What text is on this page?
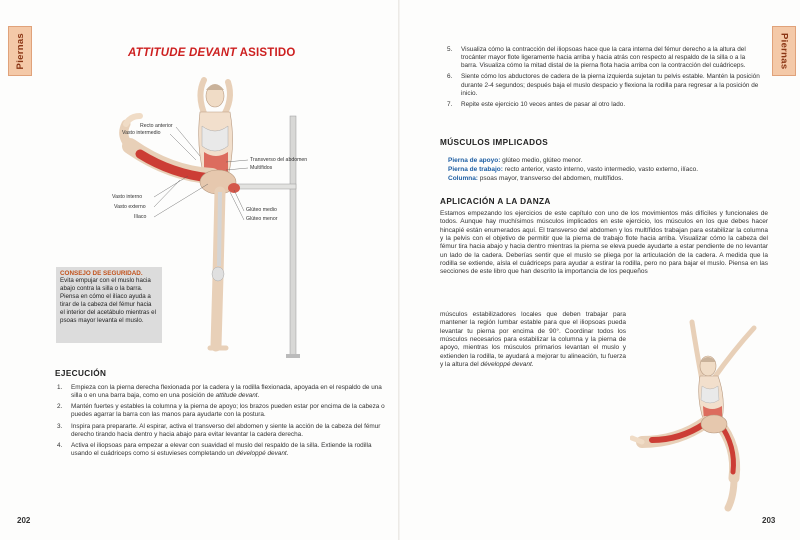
Piernas	ATTITUDE DEVANT ASISTIDO
Recto anterior
Vasto intermedio
Transverso del abdomen
Multífidos
Vasto interno
Vasto externo
Ilíaco
Glúteo medio
Glúteo menor
CONSEJO DE SEGURIDAD.
Evita empujar con el muslo hacia abajo contra la silla o la barra. Piensa en cómo el ilíaco ayuda a tirar de la cabeza del fémur hacia el interior del acetábulo mientras el psoas mayor levanta el muslo.
EJECUCIÓN
1. Empieza con la pierna derecha flexionada por la cadera y la rodilla flexionada, apoyada en el respaldo de una silla o en una barra baja, como en una posición de attitude devant.
2. Mantén fuertes y estables la columna y la pierna de apoyo; los brazos pueden estar por encima de la cabeza o puedes agarrar la barra con las manos para ayudarte con la postura.
3. Inspira para prepararte. Al espirar, activa el transverso del abdomen y siente la acción de la cabeza del fémur derecho tirando hacia dentro y hacia abajo para evitar levantar la cadera derecha.
4. Activa el iliopsoas para empezar a elevar con suavidad el muslo del respaldo de la silla. Extiende la rodilla usando el cuádriceps como si estuvieses completando un développé devant.
202
Piernas
203
5. Visualiza cómo la contracción del iliopsoas hace que la cara interna del fémur derecho a la altura del trocánter mayor flote ligeramente hacia arriba y hacia atrás con respecto al respaldo de la silla o a la barra. Visualiza cómo la mitad distal de la pierna flota hacia arriba con la contracción del cuádriceps.
6. Siente cómo los abductores de cadera de la pierna izquierda sujetan tu pelvis estable. Mantén la posición durante 2-4 segundos; después baja el muslo despacio y flexiona la rodilla para regresar a la posición de inicio.
7. Repite este ejercicio 10 veces antes de pasar al otro lado.
MÚSCULOS IMPLICADOS
Pierna de apoyo: glúteo medio, glúteo menor.
Pierna de trabajo: recto anterior, vasto interno, vasto intermedio, vasto externo, ilíaco.
Columna: psoas mayor, transverso del abdomen, multífidos.
APLICACIÓN A LA DANZA
Estamos empezando los ejercicios de este capítulo con uno de los movimientos más difíciles y funcionales de todos. Aunque hay muchísimos músculos implicados en este ejercicio, los músculos en los que debes hacer hincapié están enumerados aquí. El transverso del abdomen y los multífidos trabajan para estabilizar la columna y la pelvis con el objetivo de permitir que la pierna de trabajo flote hacia arriba. Visualizar cómo la cabeza del fémur tira hacia abajo y hacia dentro mientras la pierna se eleva puede ayudarte a estar pendiente de no levantar un lado de la cadera. Deberías sentir que el muslo se pliega por la articulación de la cadera. A medida que la rodilla se extiende, aísla el cuádriceps para ayudar a estirar la rodilla, pero no para bajar el muslo. Piensa en las secciones de este libro que han descrito la importancia de los pequeños
músculos estabilizadores locales que deben trabajar para mantener la región lumbar estable para que el iliopsoas pueda levantar tu pierna por encima de 90°. Coordinar todos los músculos necesarios para estabilizar la columna y la pierna de apoyo, mientras los músculos primarios levantan el muslo y extienden la rodilla, te ayudará a mejorar tu alineación, tu fuerza y la altura del développé devant.
